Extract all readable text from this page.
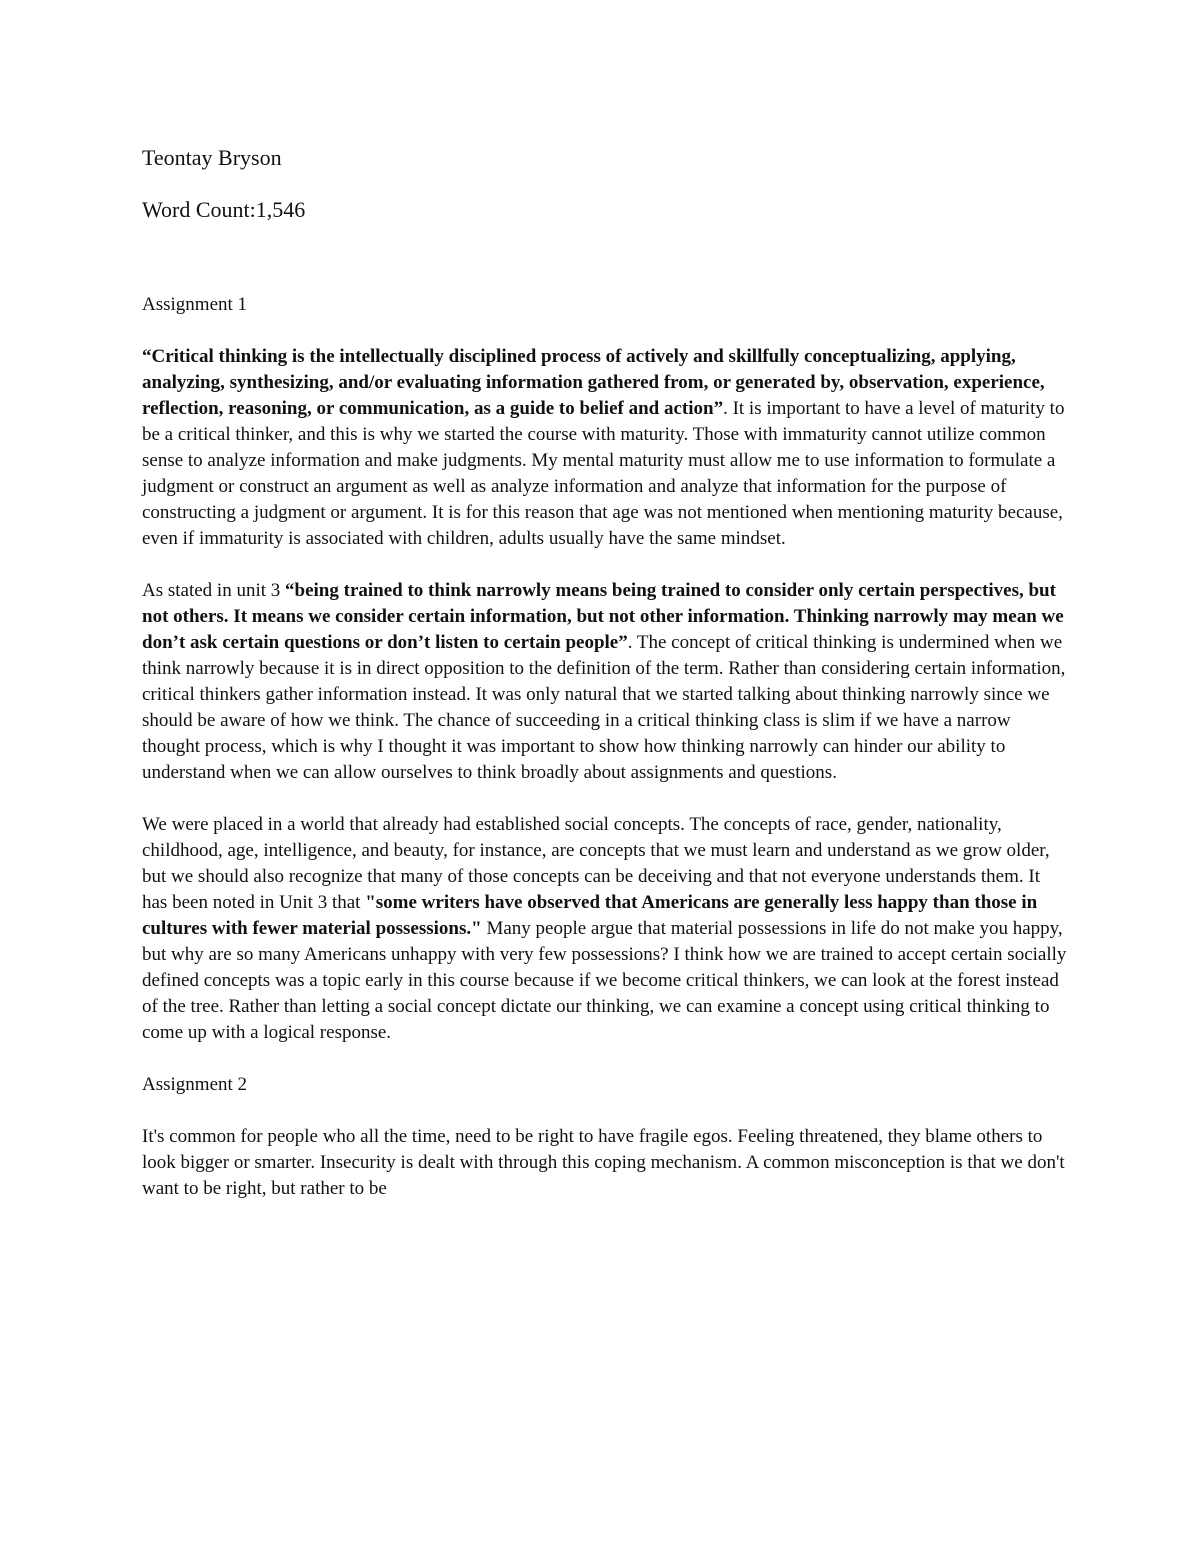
Teontay Bryson
Word Count:1,546
Assignment 1

“Critical thinking is the intellectually disciplined process of actively and skillfully conceptualizing, applying, analyzing, synthesizing, and/or evaluating information gathered from, or generated by, observation, experience, reflection, reasoning, or communication, as a guide to belief and action”. It is important to have a level of maturity to be a critical thinker, and this is why we started the course with maturity. Those with immaturity cannot utilize common sense to analyze information and make judgments. My mental maturity must allow me to use information to formulate a judgment or construct an argument as well as analyze information and analyze that information for the purpose of constructing a judgment or argument. It is for this reason that age was not mentioned when mentioning maturity because, even if immaturity is associated with children, adults usually have the same mindset.

As stated in unit 3 “being trained to think narrowly means being trained to consider only certain perspectives, but not others. It means we consider certain information, but not other information. Thinking narrowly may mean we don’t ask certain questions or don’t listen to certain people”. The concept of critical thinking is undermined when we think narrowly because it is in direct opposition to the definition of the term. Rather than considering certain information, critical thinkers gather information instead. It was only natural that we started talking about thinking narrowly since we should be aware of how we think. The chance of succeeding in a critical thinking class is slim if we have a narrow thought process, which is why I thought it was important to show how thinking narrowly can hinder our ability to understand when we can allow ourselves to think broadly about assignments and questions.

We were placed in a world that already had established social concepts. The concepts of race, gender, nationality, childhood, age, intelligence, and beauty, for instance, are concepts that we must learn and understand as we grow older, but we should also recognize that many of those concepts can be deceiving and that not everyone understands them. It has been noted in Unit 3 that "some writers have observed that Americans are generally less happy than those in cultures with fewer material possessions." Many people argue that material possessions in life do not make you happy, but why are so many Americans unhappy with very few possessions? I think how we are trained to accept certain socially defined concepts was a topic early in this course because if we become critical thinkers, we can look at the forest instead of the tree. Rather than letting a social concept dictate our thinking, we can examine a concept using critical thinking to come up with a logical response.

Assignment 2

It's common for people who all the time, need to be right to have fragile egos. Feeling threatened, they blame others to look bigger or smarter. Insecurity is dealt with through this coping mechanism. A common misconception is that we don't want to be right, but rather to be
